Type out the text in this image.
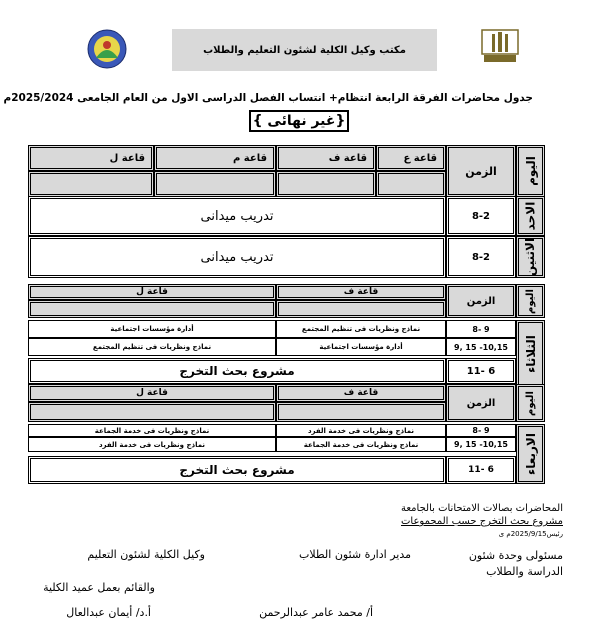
مكتب وكيل الكلية لشئون التعليم والطلاب
جدول محاضرات الفرقة الرابعة انتظام+ انتساب الفصل الدراسى الاول من العام الجامعى 2025/2024م
{غير نهائى }
اليوم
الزمن
قاعة ع
قاعة ف
قاعة م
قاعة ل
الاحد
8-2
تدريب ميدانى
الاثنين
8-2
تدريب ميدانى
اليوم
الزمن
قاعة ف
قاعة ل
الثلاثاء
8- 9
نماذج ونظريات فى تنظيم المجتمع
أدارة مؤسسات اجتماعية
9, 15 -10,15
أدارة مؤسسات اجتماعية
نماذج ونظريات فى تنظيم المجتمع
11- 6
مشروع بحث التخرج
اليوم
الزمن
قاعة ف
قاعة ل
الاربعاء
8- 9
نماذج ونظريات فى خدمة الفرد
نماذج ونظريات فى خدمة الجماعة
9, 15 -10,15
نماذج ونظريات فى خدمة الجماعة
نماذج ونظريات فى خدمة الفرد
11- 6
مشروع بحث التخرج
المحاضرات بصالات الامتحانات بالجامعة
مشروع بحث التخرج حسب المجموعات
رئيس2025/9/15م ى
مسئولى وحدة شئون الدراسة والطلاب
مدير ادارة شئون الطلاب
وكيل الكلية لشئون التعليم
والقائم بعمل عميد الكلية
أ/ محمد عامر عبدالرحمن
أ.د/ أيمان عبدالعال
